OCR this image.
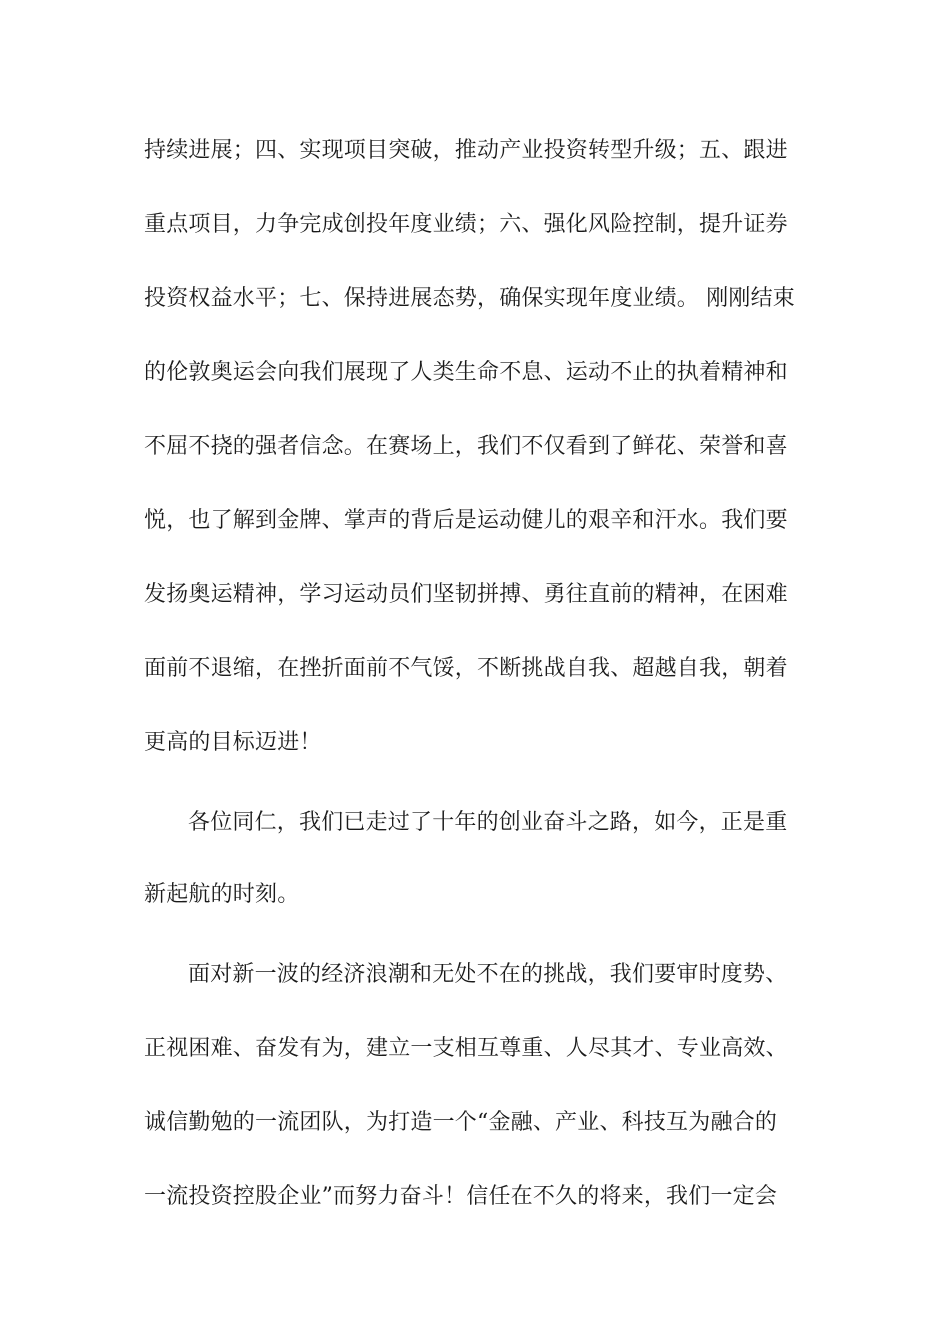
持续进展；四、实现项目突破，推动产业投资转型升级；五、跟进
重点项目，力争完成创投年度业绩；六、强化风险控制，提升证券
投资权益水平；七、保持进展态势，确保实现年度业绩。 刚刚结束
的伦敦奥运会向我们展现了人类生命不息、运动不止的执着精神和
不屈不挠的强者信念。在赛场上，我们不仅看到了鲜花、荣誉和喜
悦，也了解到金牌、掌声的背后是运动健儿的艰辛和汗水。我们要
发扬奥运精神，学习运动员们坚韧拼搏、勇往直前的精神，在困难
面前不退缩，在挫折面前不气馁，不断挑战自我、超越自我，朝着
更高的目标迈进！
各位同仁，我们已走过了十年的创业奋斗之路，如今，正是重
新起航的时刻。
面对新一波的经济浪潮和无处不在的挑战，我们要审时度势、
正视困难、奋发有为，建立一支相互尊重、人尽其才、专业高效、
诚信勤勉的一流团队，为打造一个“金融、产业、科技互为融合的
一流投资控股企业”而努力奋斗！信任在不久的将来，我们一定会
